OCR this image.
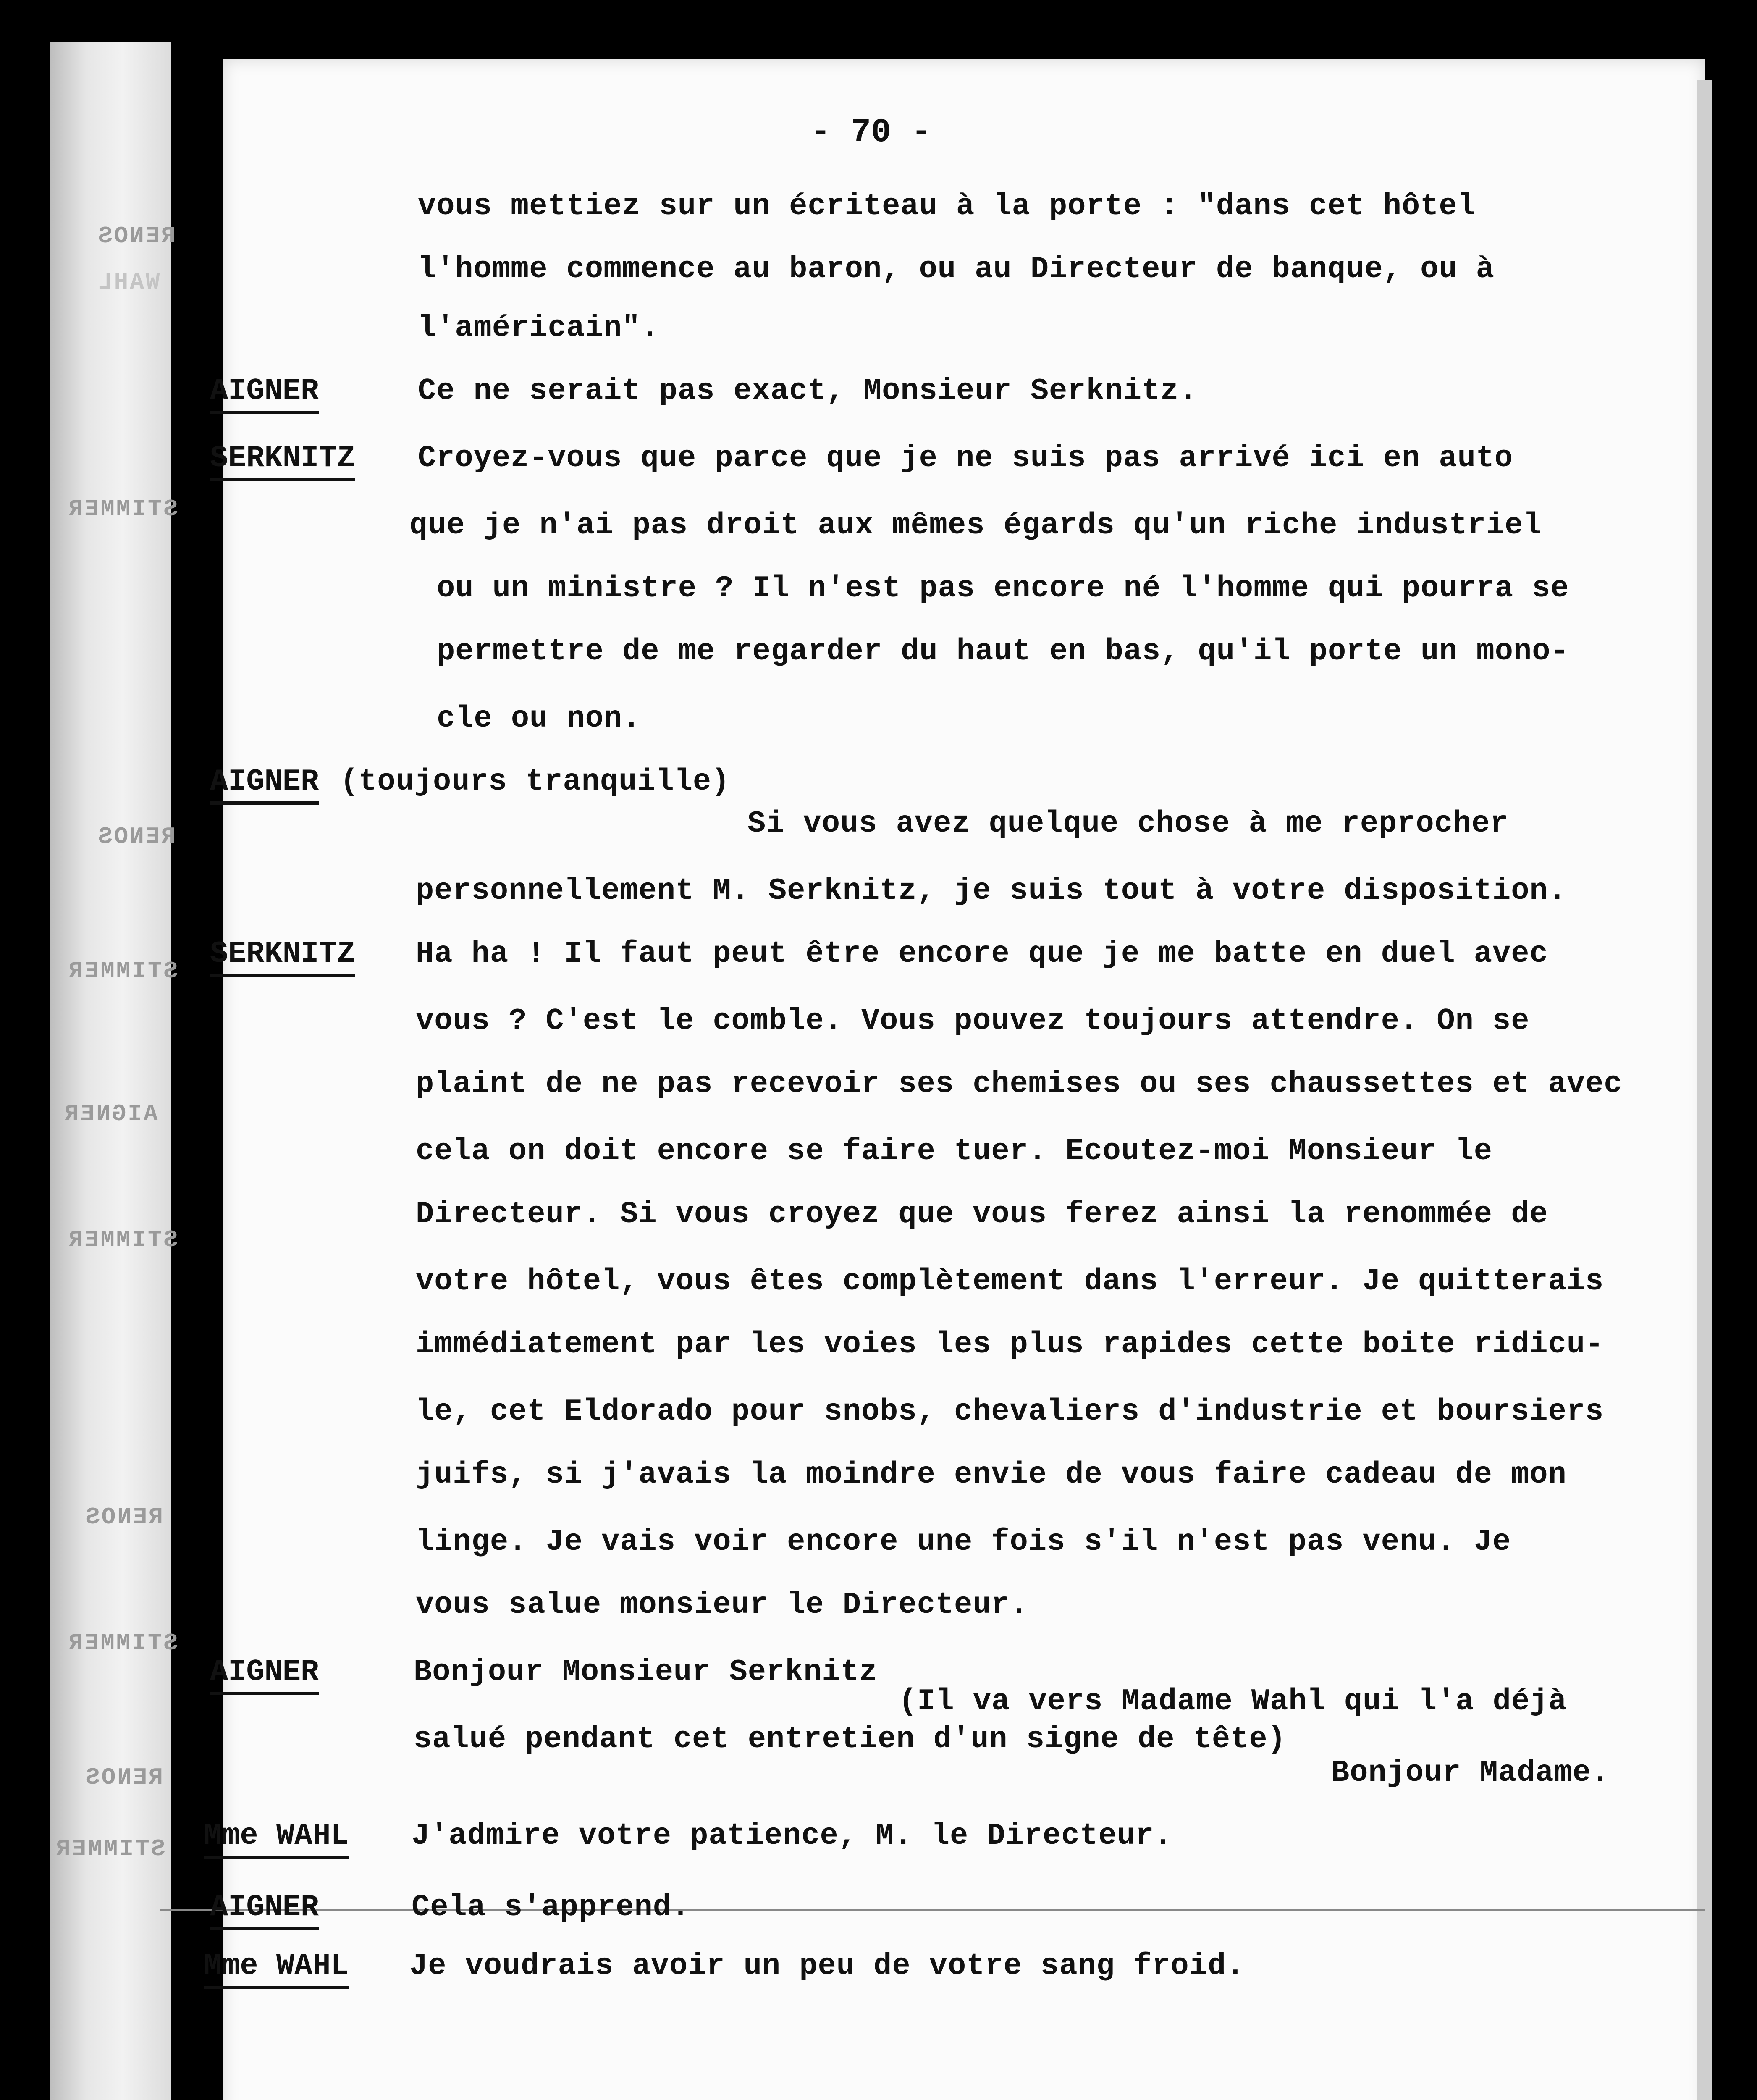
RENOS
WAHL
STIMMER
RENOS
STIMMER
AIGNER
STIMMER
RENOS
STIMMER
RENOS
STIMMER
- 70 -
vous mettiez sur un écriteau à la porte : "dans cet hôtel
l'homme commence au baron, ou au Directeur de banque, ou à
l'américain".
AIGNER	Ce ne serait pas exact, Monsieur Serknitz.
SERKNITZ Croyez-vous que parce que je ne suis pas arrivé ici en auto
que je n'ai pas droit aux mêmes égards qu'un riche industriel
ou un ministre ? Il n'est pas encore né l'homme qui pourra se
permettre de me regarder du haut en bas, qu'il porte un mono-
cle ou non.
AIGNER (toujours tranquille)
Si vous avez quelque chose à me reprocher
personnellement M. Serknitz, je suis tout à votre disposition.
SERKNITZ Ha ha ! Il faut peut être encore que je me batte en duel avec
vous ? C'est le comble. Vous pouvez toujours attendre. On se
plaint de ne pas recevoir ses chemises ou ses chaussettes et avec
cela on doit encore se faire tuer. Ecoutez-moi Monsieur le
Directeur. Si vous croyez que vous ferez ainsi la renommée de
votre hôtel, vous êtes complètement dans l'erreur. Je quitterais
immédiatement par les voies les plus rapides cette boite ridicu-
le, cet Eldorado pour snobs, chevaliers d'industrie et boursiers
juifs, si j'avais la moindre envie de vous faire cadeau de mon
linge. Je vais voir encore une fois s'il n'est pas venu. Je
vous salue monsieur le Directeur.
AIGNER	Bonjour Monsieur Serknitz
(Il va vers Madame Wahl qui l'a déjà
salué pendant cet entretien d'un signe de tête)
Bonjour Madame.
Mme WAHL J'admire votre patience, M. le Directeur.
AIGNER	Cela s'apprend.
Mme WAHL Je voudrais avoir un peu de votre sang froid.
